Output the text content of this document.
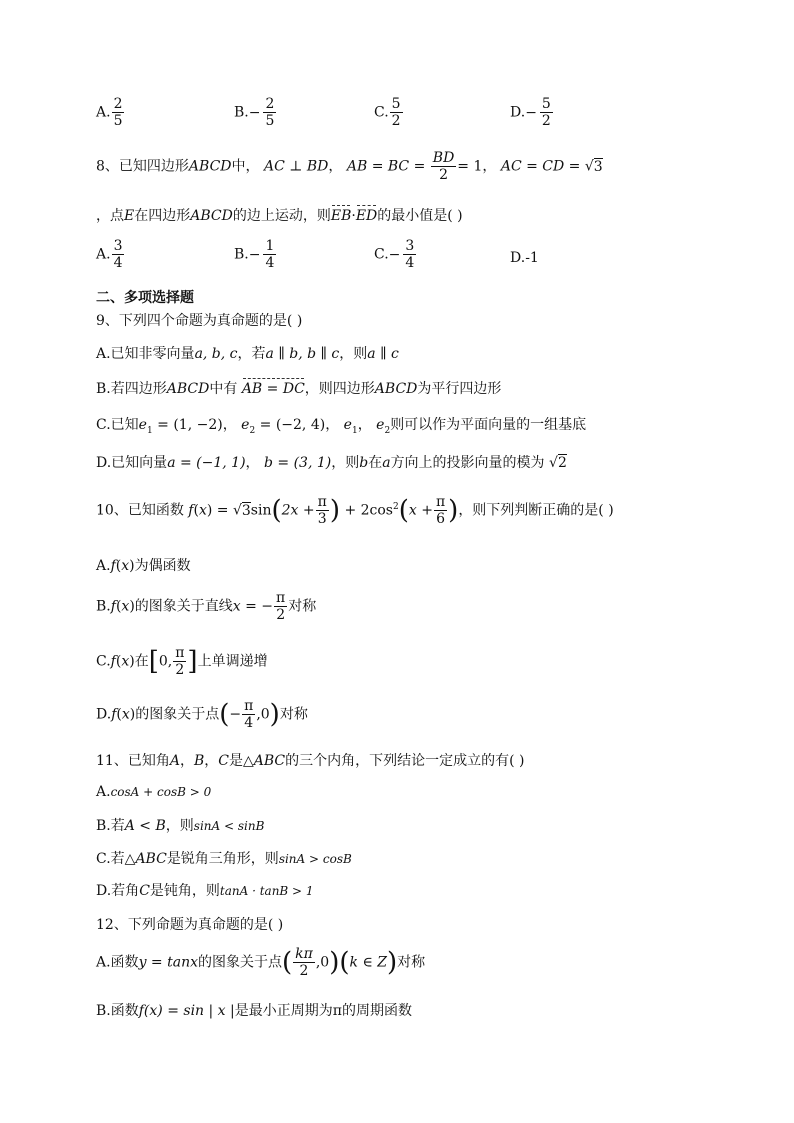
A. $\frac{2}{5}$	$B.- \frac{2}{5}$	C. $\frac{5}{2}$	$D.- \frac{5}{2}$
8、已知四边形ABCD中， AC ⊥ BD， AB = BC = $\frac{BD}{2} = 1$， AC = CD = √3
，点E在四边形ABCD的边上运动，则EB·ED的最小值是( )
A. $\frac{3}{4}$	$B.- \frac{1}{4}$	$C.- \frac{3}{4}$	D.-1
二、多项选择题
9、下列四个命题为真命题的是( )
A.已知非零向量a, b, c，若a ∥ b, b ∥ c，则a ∥ c
B.若四边形ABCD中有 AB = DC，则四边形ABCD为平行四边形
C.已知$e_1 = (1$, −2)， $e_2 = (-2$, 4)， $e_1$， $e_2$则可以作为平面向量的一组基底
D.已知向量a = (−1, 1)， b = (3, 1)，则b在a方向上的投影向量的模为 √2
10、已知函数 $f(x) = √3\sin(2x + \frac{\pi}{3}$ ) + $2\cos^2(x + \frac{\pi}{6}$ )，则下列判断正确的是( )
A.f(x)为偶函数
B.f(x)的图象关于直线x = − $\frac{\pi}{2}$ 对称
C.f(x)在[0, $\frac{\pi}{2}$ ]上单调递增
D.f(x)的图象关于点(− $\frac{\pi}{4} ,0$)对称
11、已知角A，B，C是△ABC的三个内角，下列结论一定成立的有( )
A.cosA + cosB > 0
B.若A < B，则sinA < sinB
C.若△ABC是锐角三角形，则sinA > cosB
D.若角C是钝角，则tanA · tanB > 1
12、下列命题为真命题的是( )
A.函数y = tanx的图象关于点( $\frac{k\pi}{2} ,0)(k$ ∈ Z)对称
B.函数f(x) = sin | x |是最小正周期为π的周期函数
